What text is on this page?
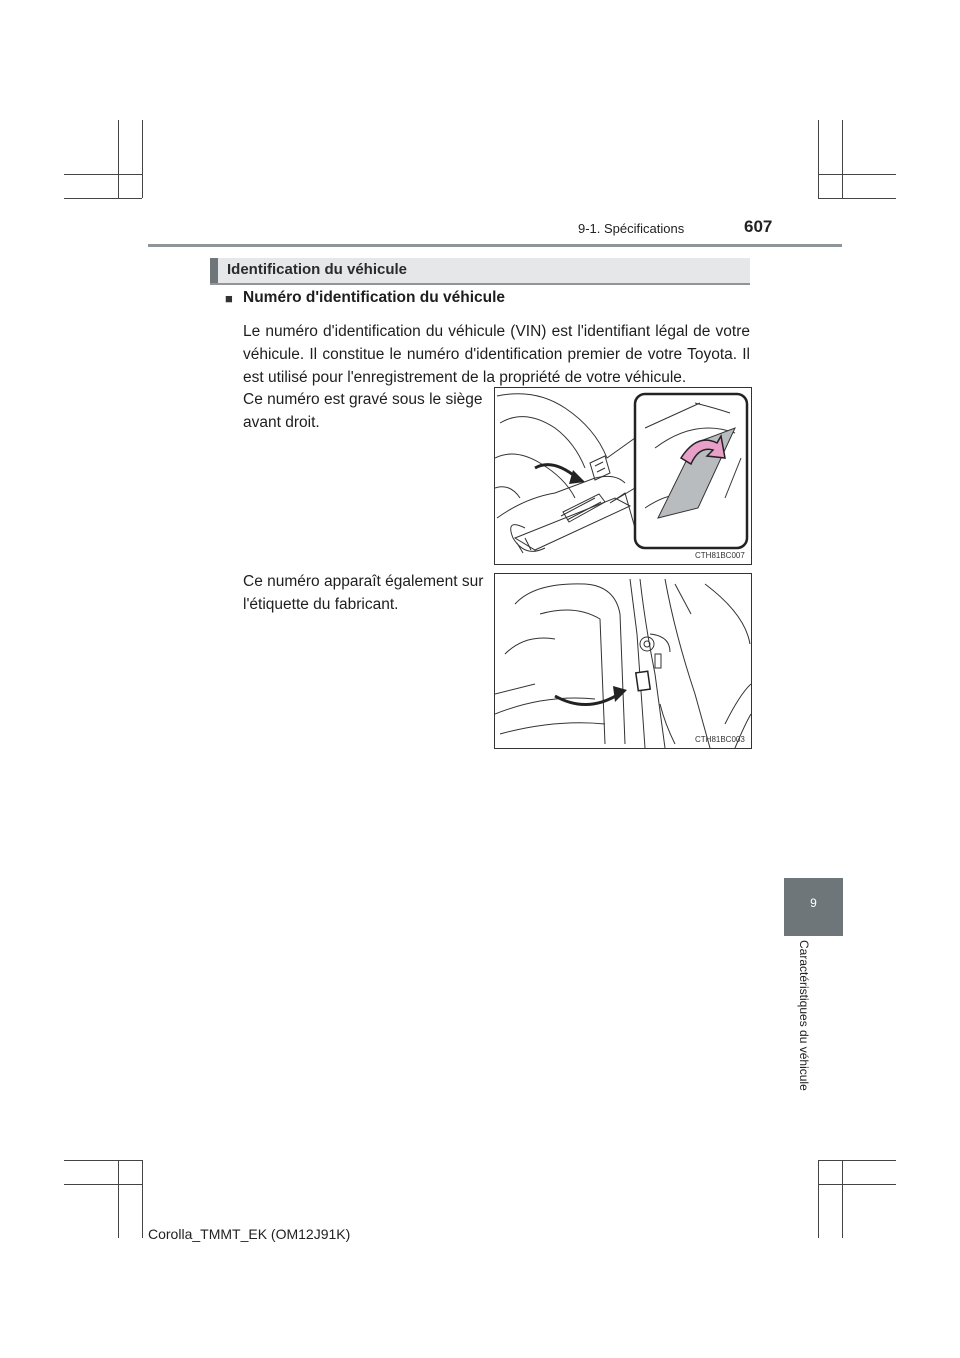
9-1. Spécifications	607
Identification du véhicule
■ Numéro d'identification du véhicule
Le numéro d'identification du véhicule (VIN) est l'identifiant légal de votre véhicule. Il constitue le numéro d'identification premier de votre Toyota. Il est utilisé pour l'enregistrement de la propriété de votre véhicule.
Ce numéro est gravé sous le siège avant droit.
CTH81BC007
Ce numéro apparaît également sur l'étiquette du fabricant.
CTH81BC003
9
Caractéristiques du véhicule
Corolla_TMMT_EK (OM12J91K)
